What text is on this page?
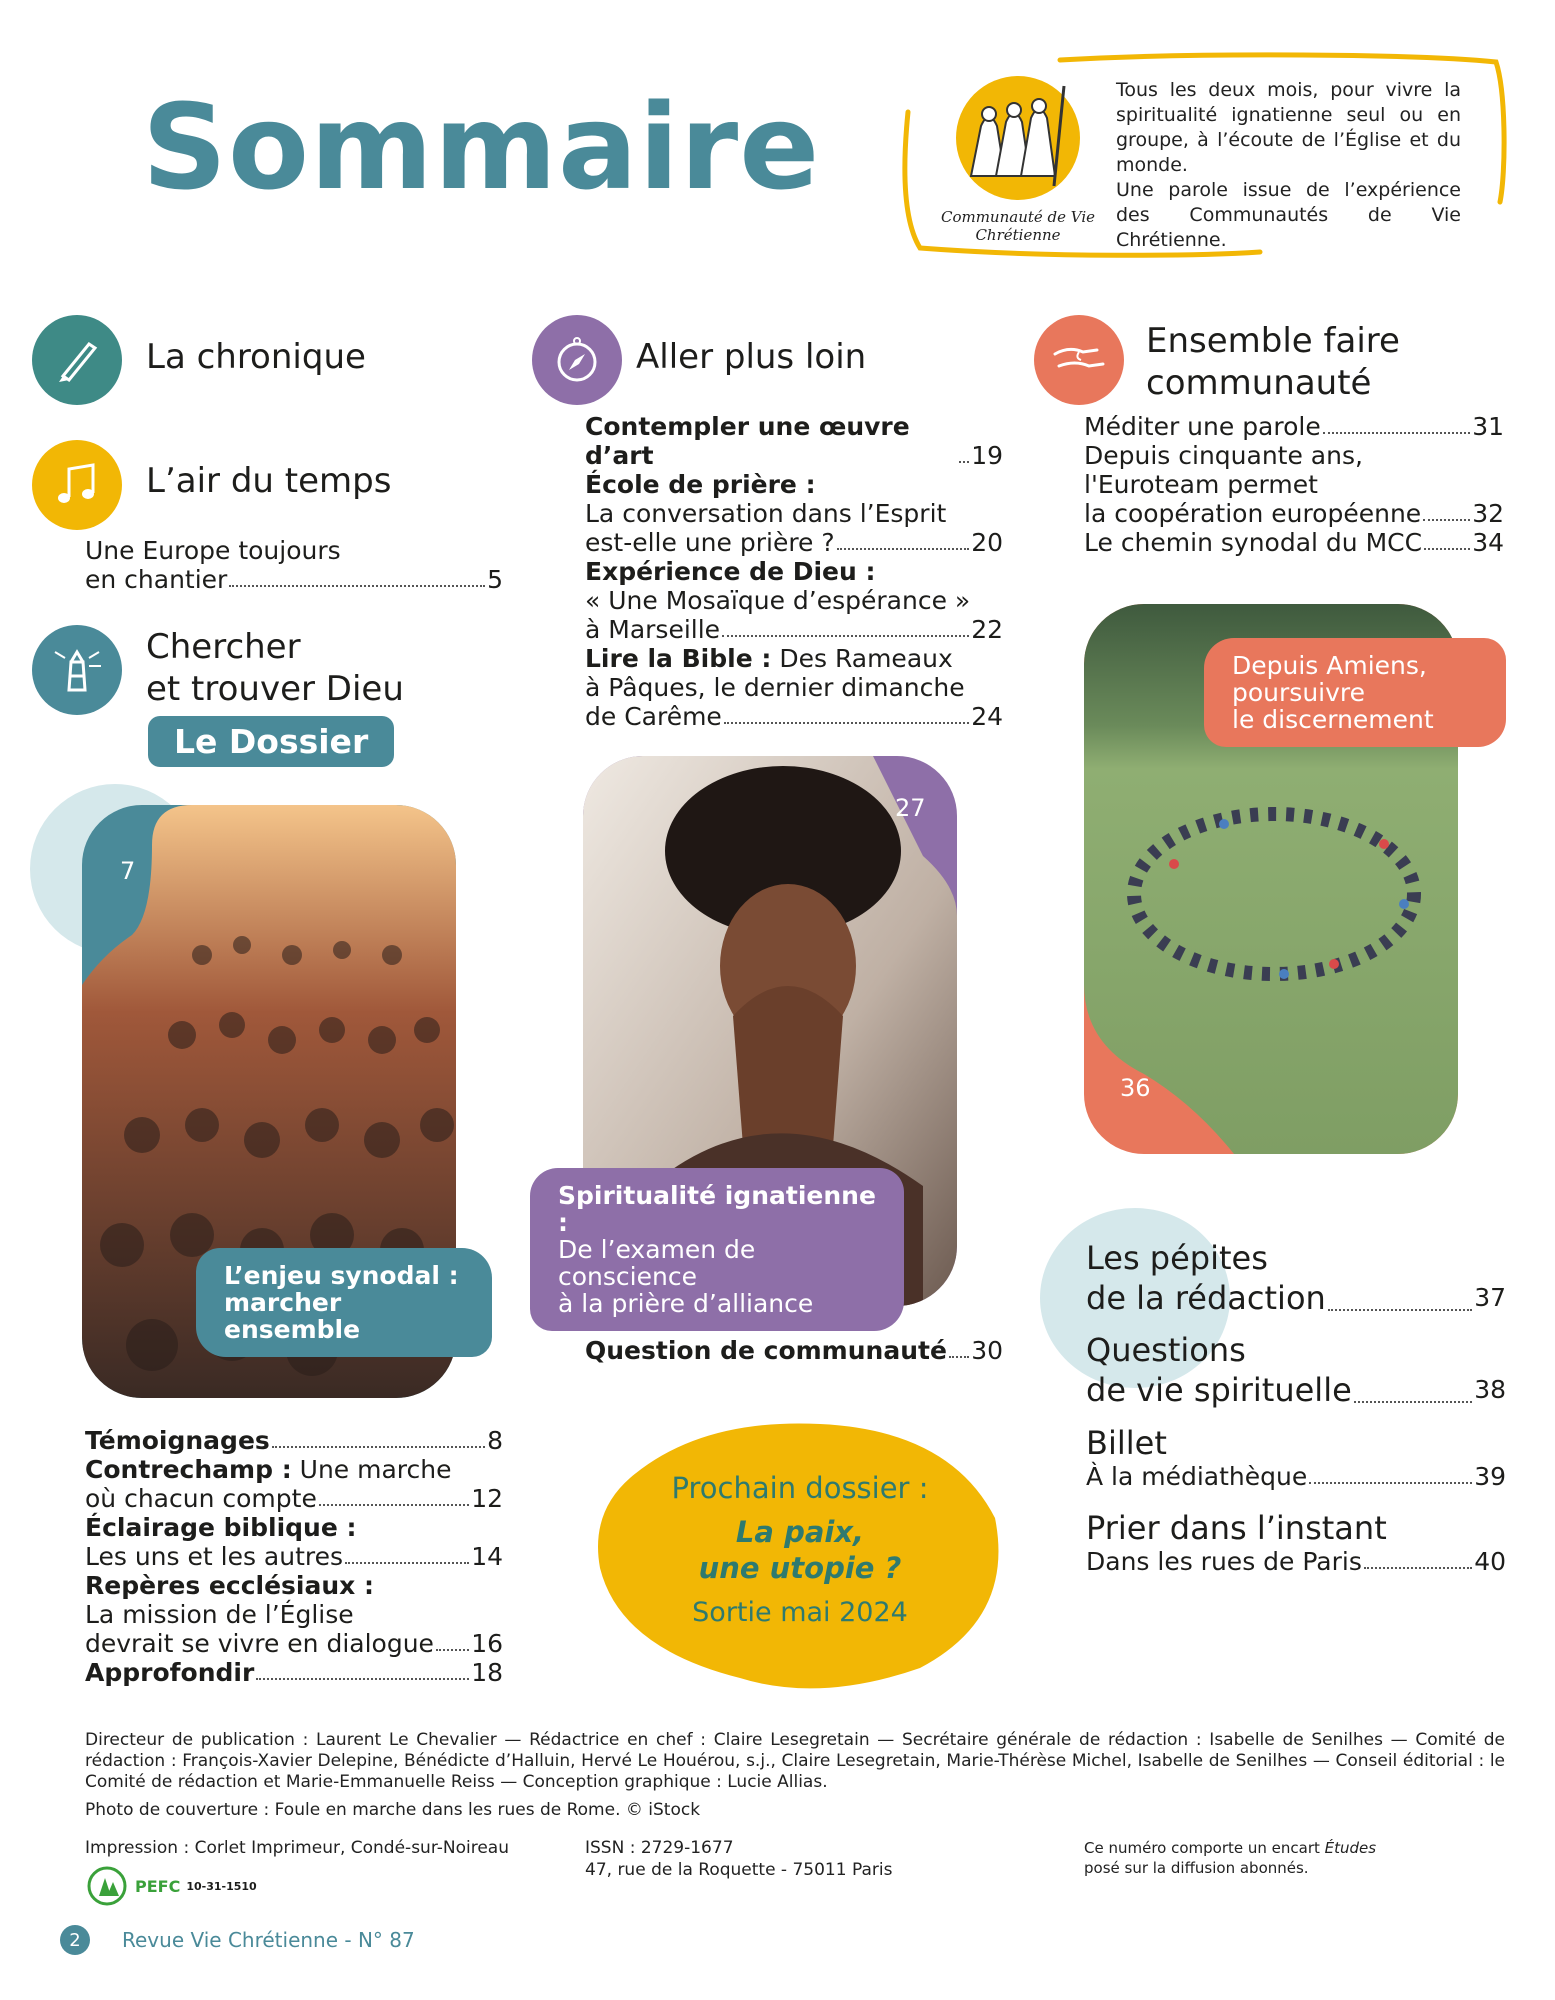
Sommaire
Communauté de Vie Chrétienne
Tous les deux mois, pour vivre la spiritualité ignatienne seul ou en groupe, à l’écoute de l’Église et du monde.
Une parole issue de l’expérience des Communautés de Vie Chrétienne.
La chronique
L’air du temps
Une Europe toujours
en chantier	5
Chercher
et trouver Dieu
Le Dossier
7
L’enjeu synodal :
marcher ensemble
Témoignages	8
Contrechamp : Une marche
où chacun compte	12
Éclairage biblique :
Les uns et les autres	14
Repères ecclésiaux :
La mission de l’Église
devrait se vivre en dialogue 16
Approfondir	18
Aller plus loin
Contempler une œuvre d’art	19
École de prière :
La conversation dans l’Esprit
est-elle une prière ?	20
Expérience de Dieu :
« Une Mosaïque d’espérance »
à Marseille	22
Lire la Bible : Des Rameaux
à Pâques, le dernier dimanche
de Carême	24
27
Spiritualité ignatienne :
De l’examen de conscience
à la prière d’alliance
Question de communauté 30
Prochain dossier :
La paix,
une utopie ?
Sortie mai 2024
Ensemble faire
communauté
Méditer une parole	31
Depuis cinquante ans,
l'Euroteam permet
la coopération européenne 32
Le chemin synodal du MCC 34
36
Depuis Amiens,
poursuivre
le discernement
Les pépites
de la rédaction	37
Questions
de vie spirituelle	38
Billet
À la médiathèque	39
Prier dans l’instant
Dans les rues de Paris	40
Directeur de publication : Laurent Le Chevalier — Rédactrice en chef : Claire Lesegretain — Secrétaire générale de rédaction : Isabelle de Senilhes — Comité de rédaction : François-Xavier Delepine, Bénédicte d’Halluin, Hervé Le Houérou, s.j., Claire Lesegretain, Marie-Thérèse Michel, Isabelle de Senilhes — Conseil éditorial : le Comité de rédaction et Marie-Emmanuelle Reiss — Conception graphique : Lucie Allias.
Photo de couverture : Foule en marche dans les rues de Rome. © iStock
Impression : Corlet Imprimeur, Condé-sur-Noireau
PEFC 10-31-1510
ISSN : 2729-1677
47, rue de la Roquette - 75011 Paris
Ce numéro comporte un encart Études
posé sur la diffusion abonnés.
2	Revue Vie Chrétienne - N° 87
